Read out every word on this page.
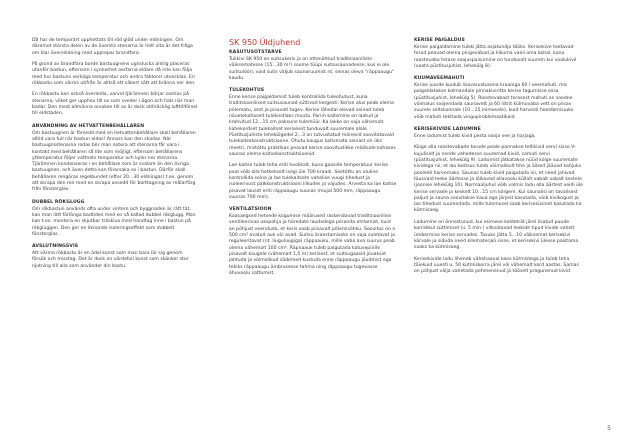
Då har de temporärt upphettats till röd glöd under eldningen. Om däremot största delen av de översta stenarna är helt vita är det fråga om klar överseldning med upprepar brandfara.

På grund av brandfara borde bastuugnens ugnslucka aldrig placeras utanför bastun, eftersom i synnerhet oerfarna eldare då inte kan följa med hur bastuns verkliga temperatur och andra faktorer utvecklas. En rökbastu som värms utifrån är alltså ett säkert sätt att bränna ner den.

En rökbastu kan också överlelda, varvid tjärämnen börjar samlas på stenarna, vilket ger upphov till os som sveder i ögon och hals när man badar. Den mest allmänna orsaken till os är dock otillräcklig lufttillförsel till eldstaden.

ANVÄNDNING AV HETVATTENBEHÅLLAREN

Om bastuugnen är försedd med en hetvattenbehållare skall behållaren alltid vara full när bastun eldas! Annars kan den skadas. När bastuugnsstenarna rodas bör man notera att stenarna får vara i kontakt med behållaren så lite som möjligt, eftersom behållarens yttemperatur följer vattnets temperatur och kyler ner stenarna. Tjärämnen kondenseras i en behållare som är svalare än den övriga bastuugnen, och även detta kan förorsaka os i bastun. Därför skall behållaren rengöras regelbundet (efter 20...30 eldningar) t.ex. genom att skrapa den ren med en skrapa avsedd för borttagning av målarfärg från fönsterglas.

DUBBEL RÖKGLUGG

Om rökbastun används ofta under vintern och byggnaden är rätt tät, kan man lätt förlänga badtiden med en så kallad dubbel rökglugg. Man kan t.ex. montera en skjutbar träskiva med handtag inne i bastun på rökgluggen. Den ger en liknande isoleringseffekt som dubbelt fönsterglas.

AVSLUTNINGSVIS

Att värma rökbastu är en ädel konst som man bara lär sig genom försök och misstag. Det är dock en värdefull konst som skänker stor njutning till alla som använder din bastu.

SK 950 Üldjuhend
KASUTUSOTSTARVE

Tulikivi SK 950 on suitsukeris ja on ettenähtud traditsiooniliste väiksematesse (15...30 m³) soome tüüpi suitsusaunadesse, kus ei ole suitsulõõri, vaid suits väljub saunaruumist nt. seinas oleva "räppaaugu" kaudu.

TULEKOHTUS

Enne kerise paigaldamist tuleb kontrollida tuleohutust, kuna traditsioonilised suitsusaunad süttivad kergesti. Kerise alus peab olema põlematu, sest ja pisavalt tugev. Kerise lähedal olevad seinad tuleb nõuetekohaselt tulekindlaks muuta. Parim kaitsmine on laotud ja krohvitud 12...15 cm paksune tulemüür. Ka lakke on vaja vähemalt kahekordset tulekaitset keriseest tunduvalt suuremale alale. Püstitusjuhiste lehekülgedel 2...3 on tutvustatud mõnesid soovitatavaid tulekaitsekonstruktsioone. Ohutu kaugus kaitsmata seinast on üks meetri, mistõttu praktikas peavad kerise soovituslikke mõõtude kohases saunas olema kaitsekonstruktsioonid.

Lae kaitse tuleb teha eriti hoolikalt, kuna gaaside temperatuur kerise peal võib olla hetkeliselt isegi üle 700 kraadi. Seetõttu on oluline kontrollida seina ja lae tulekaitsete vahelise vuugi tihedust ja isoleerivust palkkonstruktsiooni liikudes ja vajudes. Arvesta ka lae kaitse pisavat lauset eriti räppaaugu suunas (mujal 500 mm, räppaaugu suunas 700 mm).

VENTILATSIOON

Kaasaegsed hetvede kogumise määrused raskendavad traditsioonilise ventileerivaa ukspohja ja hõredate laudadega põranda ehitamist, kuid on põhjust veenduda, et keris saab piisavalt põlemisõhku. Soovitus on n. 500 cm² avatud auk või avad. Suitsu äraestamiseks on vaja suletavat ja reguleeritavat (nt. liuguluugiga) räppaauku, mille vaba ava suurus peab olema vähemalt 100 cm². Räpnaauk tuleb paigutada katusepiirile pisavalt kaugele (vähemalt 1,5 m) kerisest, et suitsugaasid jõuaksid jahtuda ja võimalikud sädemed kustuda enne räppaaugu jõudmist ega tekiks räppaaugu ümbrusesse tahma ning räppaaugu tugevasse õhuvoolu sattumist.

KERISE PAIGALDUS

Kerise paigaldamine tuleb jätta asjatundja töõks. Kerisekive toetavad torud peavad olema pingevabad ja liikuma vaeli oma kohal, kuna roostevaba terase soojuspaisumine on tunduvalt suurem kui voolukivil (vaata püstitusjuhist, lehekülg 8).

KUUMAVEEMAHUTI

Kerise juurde kuulub lisavarustusena kraaniga 60 l veemahuti, mis paigaldatakse kolmandale pinnakiviritta kerise tagumisse ossa (püstitusjuhist, lehekülg 5). Roostevabast terasest mahuti on soodne võimalus soojendada saunavett ja 60 liitrit külmuvaba vett on piisav suurele seltskonnale (10...15 inimesele), kuid harvesti hooldamisuwa võib mahuti tekitada vingupiroblemaatikaid.

KERISEKIVIDE LADUMINE

Enne ladumist tuleb kivid pesta sooja vee ja harjaga.

Kõige alla roostevabade torude peale pannakse tellikivid servi sisse V-kujuliselt ja nende vahedesse suuremad kivid, samuti servi (püstitusjuhist, lehekülg 9). Ladumist jätkatakse nüüd kõige suuremate kividega nii, et lao kestsus tuleb võimalikult tihe ja ääred jäävad kahjuks pooleldi harvemaks. Saunas tuleb kivid paigutada nii, et need jahivad tõusvaid leeke äärtesse ja lõikavad allavoolu küllalt vabalt vabalt kestele (joonise lehekülg 10). Normaaljuhul võib valmis ladu olla äärtest veidi üle kerise servade ja keskelt 10...15 cm kõrgem. Kui saunalisi on tavalisest paljud ja sauna soovitakse kaua ega järjest kasutada, võib kivikogust ja lao tihedust suurendada, mille tulemusel saab kerisesüsinet kasutada ka kütmisaeg.

Ladumine on õnnestunud, kui esimese koldeträt järel lisatud puude korralikul süttimisel (u. 5 min.) vilksatavad leekide tipud kivide vahelt ümbermise kerise servades. Tasuks jätta 5...10 väiksemat kerisekivi kõrvale ja siduda need kilematerjali sisse, et kerisekivi ülesse paistama saaks ka kütmisaeg.

Kerisekivide ladu liheneb vähehaaval koos kütmistega ja tuleb teha täiekuid uuesti u. 50 kütmiskorra järel või vähemalt kord aastas. Samas on põhjust välja vahetada pehmenenud ja tööselt pragunenud kivid.

5
